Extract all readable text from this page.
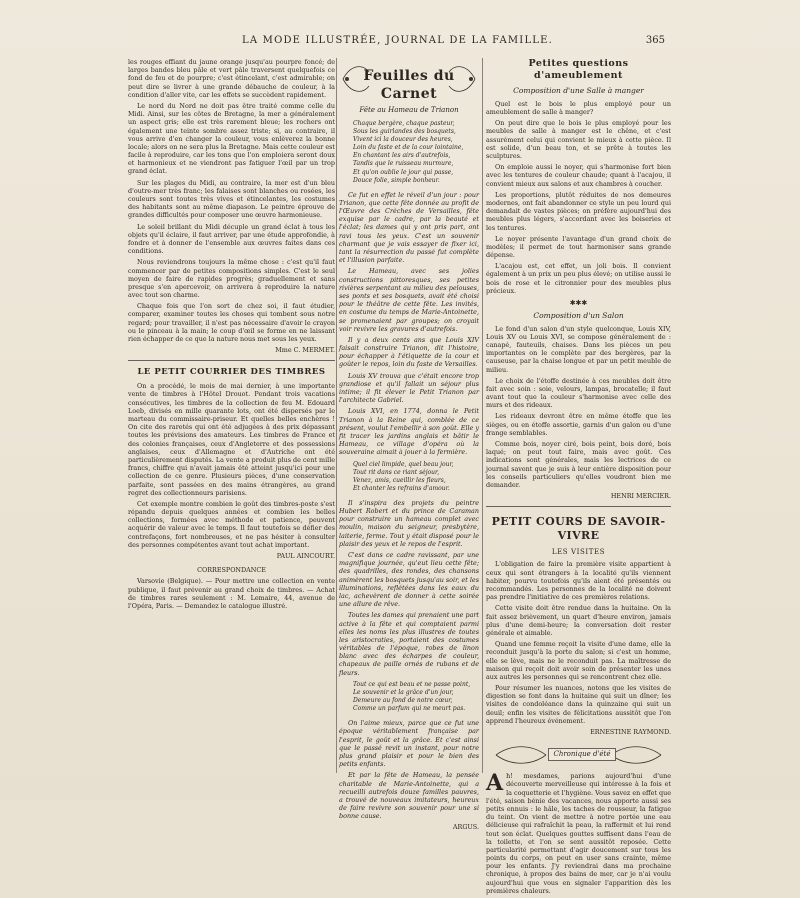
LA MODE ILLUSTRÉE, JOURNAL DE LA FAMILLE.	365

les rouges effiant du jaune orange jusqu'au pourpre foncé; de larges bandes bleu pâle et vert pâle traversent quelquefois ce fond de feu et de pourpre; c'est étincelant, c'est admirable; on peut dire se livrer à une grande débauche de couleur, à la condition d'aller vite, car les effets se succèdent rapidement.

Le nord du Nord ne doit pas être traité comme celle du Midi. Ainsi, sur les côtes de Bretagne, la mer a généralement un aspect gris; elle est très rarement bleue; les rochers ont également une teinte sombre assez triste; si, au contraire, il vous arrive d'en changer la couleur, vous enlèverez la bonne locale; alors on ne sera plus la Bretagne. Mais cette couleur est facile à reproduire, car les tons que l'on emploiera seront doux et harmonieux et ne viendront pas fatiguer l'œil par un trop grand éclat.

Sur les plages du Midi, au contraire, la mer est d'un bleu d'outre-mer très franc; les falaises sont blanches ou rosées, les couleurs sont toutes très vives et étincelantes, les costumes des habitants sont au même diapason. Le peintre éprouve de grandes difficultés pour composer une œuvre harmonieuse.

Le soleil brillant du Midi décuple un grand éclat à tous les objets qu'il éclaire, il faut arriver, par une étude approfondie, à fondre et à donner de l'ensemble aux œuvres faites dans ces conditions.

Nous reviendrons toujours la même chose : c'est qu'il faut commencer par de petites compositions simples. C'est le seul moyen de faire de rapides progrès; graduellement et sans presque s'en apercevoir, on arrivera à reproduire la nature avec tout son charme.

Chaque fois que l'on sort de chez soi, il faut étudier, comparer, examiner toutes les choses qui tombent sous notre regard; pour travailler, il n'est pas nécessaire d'avoir le crayon ou le pinceau à la main; le coup d'œil se forme en ne laissant rien échapper de ce que la nature nous met sous les yeux.

Mme C. MERMET.
LE PETIT COURRIER DES TIMBRES

On a procédé, le mois de mai dernier, à une importante vente de timbres à l'Hôtel Drouot. Pendant trois vacations consécutives, les timbres de la collection de feu M. Edouard Loeb, divisés en mille quarante lots, ont été dispersés par le marteau du commissaire-priseur. Et quelles belles enchères ! On cite des raretés qui ont été adjugées à des prix dépassant toutes les prévisions des amateurs. Les timbres de France et des colonies françaises, ceux d'Angleterre et des possessions anglaises, ceux d'Allemagne et d'Autriche ont été particulièrement disputés. La vente a produit plus de cent mille francs, chiffre qui n'avait jamais été atteint jusqu'ici pour une collection de ce genre. Plusieurs pièces, d'une conservation parfaite, sont passées en des mains étrangères, au grand regret des collectionneurs parisiens.

Cet exemple montre combien le goût des timbres-poste s'est répandu depuis quelques années et combien les belles collections, formées avec méthode et patience, peuvent acquérir de valeur avec le temps. Il faut toutefois se défier des contrefaçons, fort nombreuses, et ne pas hésiter à consulter des personnes compétentes avant tout achat important.

PAUL AINCOURT.
CORRESPONDANCE

Varsovie (Belgique). — Pour mettre une collection en vente publique, il faut prévenir au grand choix de timbres. — Achat de timbres rares seulement : M. Lemaire, 44, avenue de l'Opéra, Paris. — Demandez le catalogue illustré.

Feuilles du Carnet
Fête au Hameau de Trianon
Chaque bergère, chaque pasteur,
Sous les guirlandes des bosquets,
Vivent ici la douceur des heures,
Loin du faste et de la cour lointaine,
En chantant les airs d'autrefois,
Tandis que le ruisseau murmure,
Et qu'on oublie le jour qui passe,
Douce folie, simple bonheur.

Ce fut en effet le réveil d'un jour : pour Trianon, que cette fête donnée au profit de l'Œuvre des Crèches de Versailles, fête exquise par le cadre, par la beauté et l'éclat; les dames qui y ont pris part, ont ravi tous les yeux. C'est un souvenir charmant que je vais essayer de fixer ici, tant la résurrection du passé fut complète et l'illusion parfaite.

Le Hameau, avec ses jolies constructions pittoresques, ses petites rivières serpentant au milieu des pelouses, ses ponts et ses bosquets, avait été choisi pour le théâtre de cette fête. Les invités, en costume du temps de Marie-Antoinette, se promenaient par groupes; on croyait voir revivre les gravures d'autrefois.

Il y a deux cents ans que Louis XIV faisait construire Trianon, dit l'histoire, pour échapper à l'étiquette de la cour et goûter le repos, loin du faste de Versailles.

Louis XV trouva que c'était encore trop grandiose et qu'il fallait un séjour plus intime; il fit élever le Petit Trianon par l'architecte Gabriel.

Louis XVI, en 1774, donna le Petit Trianon à la Reine qui, comblée de ce présent, voulut l'embellir à son goût. Elle y fit tracer les jardins anglais et bâtir le Hameau, ce village d'opéra où la souveraine aimait à jouer à la fermière.

Quel ciel limpide, quel beau jour,
Tout rit dans ce riant séjour,
Venez, amis, cueillir les fleurs,
Et chanter les refrains d'amour.

Il s'inspira des projets du peintre Hubert Robert et du prince de Caraman pour construire un hameau complet avec moulin, maison du seigneur, presbytère, laiterie, ferme. Tout y était disposé pour le plaisir des yeux et le repos de l'esprit.

C'est dans ce cadre ravissant, par une magnifique journée, qu'eut lieu cette fête; des quadrilles, des rondes, des chansons animèrent les bosquets jusqu'au soir, et les illuminations, reflétées dans les eaux du lac, achevèrent de donner à cette soirée une allure de rêve.

Toutes les dames qui prenaient une part active à la fête et qui comptaient parmi elles les noms les plus illustres de toutes les aristocraties, portaient des costumes véritables de l'époque, robes de linon blanc avec des écharpes de couleur, chapeaux de paille ornés de rubans et de fleurs.

Tout ce qui est beau et ne passe point,
Le souvenir et la grâce d'un jour,
Demeure au fond de notre cœur,
Comme un parfum qui ne meurt pas.

On l'aime mieux, parce que ce fut une époque véritablement française par l'esprit, le goût et la grâce. Et c'est ainsi que le passé revit un instant, pour notre plus grand plaisir et pour le bien des petits enfants.

Et par la fête de Hameau, la pensée charitable de Marie-Antoinette, qui a recueilli autrefois douze familles pauvres, a trouvé de nouveaux imitateurs, heureux de faire revivre son souvenir pour une si bonne cause.

ARGUS.
Petites questions d'ameublement
Composition d'une Salle à manger

Quel est le bois le plus employé pour un ameublement de salle à manger?

On peut dire que le bois le plus employé pour les meubles de salle à manger est le chêne, et c'est assurément celui qui convient le mieux à cette pièce. Il est solide, d'un beau ton, et se prête à toutes les sculptures.

On emploie aussi le noyer, qui s'harmonise fort bien avec les tentures de couleur chaude; quant à l'acajou, il convient mieux aux salons et aux chambres à coucher.

Les proportions, plutôt réduites de nos demeures modernes, ont fait abandonner ce style un peu lourd qui demandait de vastes pièces; on préfère aujourd'hui des meubles plus légers, s'accordant avec les boiseries et les tentures.

Le noyer présente l'avantage d'un grand choix de modèles; il permet de tout harmoniser sans grande dépense.

L'acajou est, cet effet, un joli bois. Il convient également à un prix un peu plus élevé; on utilise aussi le bois de rose et le citronnier pour des meubles plus précieux.

✱✱✱
Composition d'un Salon

Le fond d'un salon d'un style quelconque, Louis XIV, Louis XV ou Louis XVI, se compose généralement de : canapé, fauteuils, chaises. Dans les pièces un peu importantes on le complète par des bergères, par la causeuse, par la chaise longue et par un petit meuble de milieu.

Le choix de l'étoffe destinée à ces meubles doit être fait avec soin : soie, velours, lampas, brocatelle; il faut avant tout que la couleur s'harmonise avec celle des murs et des rideaux.

Les rideaux devront être en même étoffe que les sièges, ou en étoffe assortie, garnis d'un galon ou d'une frange semblables.

Comme bois, noyer ciré, bois peint, bois doré, bois laqué; on peut tout faire, mais avec goût. Ces indications sont générales, mais les lectrices de ce journal savent que je suis à leur entière disposition pour les conseils particuliers qu'elles voudront bien me demander.

HENRI MERCIER.
PETIT COURS DE SAVOIR-VIVRE
LES VISITES

L'obligation de faire la première visite appartient à ceux qui sont étrangers à la localité qu'ils viennent habiter, pourvu toutefois qu'ils aient été présentés ou recommandés. Les personnes de la localité ne doivent pas prendre l'initiative de ces premières relations.

Cette visite doit être rendue dans la huitaine. On la fait assez brièvement, un quart d'heure environ, jamais plus d'une demi-heure; la conversation doit rester générale et aimable.

Quand une femme reçoit la visite d'une dame, elle la reconduit jusqu'à la porte du salon; si c'est un homme, elle se lève, mais ne le reconduit pas. La maîtresse de maison qui reçoit doit avoir soin de présenter les unes aux autres les personnes qui se rencontrent chez elle.

Pour résumer les nuances, notons que les visites de digestion se font dans la huitaine qui suit un dîner; les visites de condoléance dans la quinzaine qui suit un deuil; enfin les visites de félicitations aussitôt que l'on apprend l'heureux événement.

ERNESTINE RAYMOND.
Chronique d'été

Ah! mesdames, parions aujourd'hui d'une découverte merveilleuse qui intéresse à la fois et la coquetterie et l'hygiène. Vous savez en effet que l'été, saison bénie des vacances, nous apporte aussi ses petits ennuis : le hâle, les taches de rousseur, la fatigue du teint. On vient de mettre à notre portée une eau délicieuse qui rafraîchit la peau, la raffermit et lui rend tout son éclat. Quelques gouttes suffisent dans l'eau de la toilette, et l'on se sent aussitôt reposée. Cette particularité permettant d'agir doucement sur tous les points du corps, on peut en user sans crainte, même pour les enfants. J'y reviendrai dans ma prochaine chronique, à propos des bains de mer, car je n'ai voulu aujourd'hui que vous en signaler l'apparition dès les premières chaleurs.
